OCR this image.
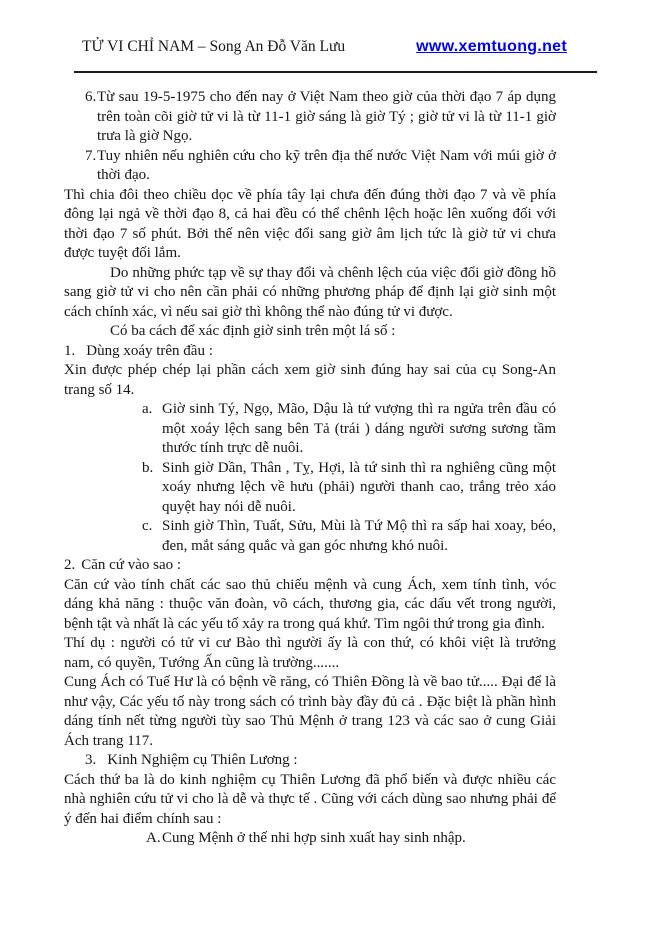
TỬ VI CHỈ NAM – Song An Đỗ Văn Lưu	www.xemtuong.net
6. Từ sau 19-5-1975 cho đến nay ở Việt Nam theo giờ của thời đạo 7 áp dụng trên toàn cõi giờ tử vi là từ 11-1 giờ sáng là giờ Tý ; giờ tử vi là từ 11-1 giờ trưa là giờ Ngọ.
7. Tuy nhiên nếu nghiên cứu cho kỹ trên địa thế nước Việt Nam với múi giờ ở thời đạo.

Thì chia đôi theo chiều dọc về phía tây lại chưa đến đúng thời đạo 7 và về phía đông lại ngả về thời đạo 8, cả hai đều có thể chênh lệch hoặc lên xuống đối với thời đạo 7 số phút. Bởi thế nên việc đổi sang giờ âm lịch tức là giờ tử vi chưa được tuyệt đối lắm.

Do những phức tạp về sự thay đổi và chênh lệch của việc đổi giờ đồng hồ sang giờ tử vi cho nên cần phải có những phương pháp để định lại giờ sinh một cách chính xác, vì nếu sai giờ thì không thể nào đúng tử vi được.

Có ba cách để xác định giờ sinh trên một lá số :

1. Dùng xoáy trên đầu :

Xin được phép chép lại phần cách xem giờ sinh đúng hay sai của cụ Song-An trang số 14.

a. Giờ sinh Tý, Ngọ, Mão, Dậu là tứ vượng thì ra ngửa trên đầu có một xoáy lệch sang bên Tả (trái ) dáng người sương sương tầm thước tính trực dễ nuôi.
b. Sinh giờ Dần, Thân , Tỵ, Hợi, là tứ sinh thì ra nghiêng cũng một xoáy nhưng lệch về hưu (phải) người thanh cao, trắng trẻo xáo quyệt hay nói dễ nuôi.
c. Sinh giờ Thìn, Tuất, Sửu, Mùi là Tứ Mộ thì ra sấp hai xoay, béo, đen, mắt sáng quắc và gan góc nhưng khó nuôi.

2. Căn cứ vào sao :

Căn cứ vào tính chất các sao thủ chiếu mệnh và cung Ách, xem tính tình, vóc dáng khả năng : thuộc văn đoàn, võ cách, thương gia, các dấu vết trong người, bệnh tật và nhất là các yếu tố xảy ra trong quá khứ. Tìm ngôi thứ trong gia đình.

Thí dụ : người có tử vi cư Bào thì người ấy là con thứ, có khôi việt là trưởng nam, có quyền, Tướng Ấn cũng là trường.......

Cung Ách có Tuế Hư là có bệnh về răng, có Thiên Đồng là về bao tử..... Đại để là như vậy, Các yếu tố này trong sách có trình bày đầy đủ cả . Đặc biệt là phần hình dáng tính nết từng người tùy sao Thủ Mệnh ở trang 123 và các sao ở cung Giải Ách trang 117.

3. Kinh Nghiệm cụ Thiên Lương :

Cách thứ ba là do kinh nghiệm cụ Thiên Lương đã phổ biến và được nhiều các nhà nghiên cứu tử vi cho là dễ và thực tế . Cũng với cách dùng sao nhưng phải để ý đến hai điểm chính sau :

A. Cung Mệnh ở thế nhi hợp sinh xuất hay sinh nhập.
